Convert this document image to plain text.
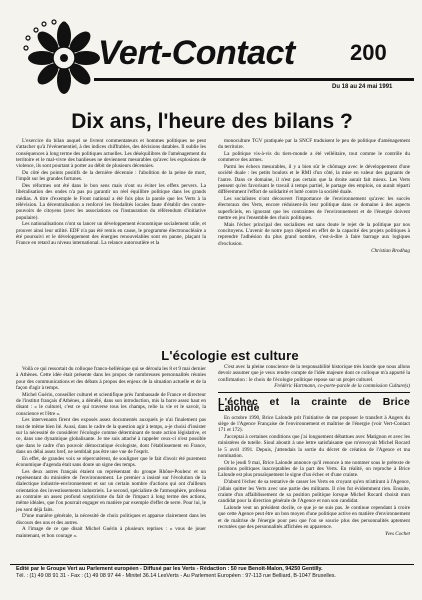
Vert-Contact	200
Du 18 au 24 mai 1991
Dix ans, l'heure des bilans ?

L'exercice du bilan auquel se livrent commentateurs et hommes politiques ne peut s'attacher qu'à l'événementiel, à des indices chiffrables, des décisions datables. Il oublie les conséquences à long terme des politiques actuelles. Les déséquilibres de l'aménagement du territoire et le mal-vivre des banlieues ne deviennent mesurables qu'avec les explosions de violence, ils sont pourtant à porter au débit de plusieurs décennies.

Du côté des points positifs de la dernière décennie : l'abolition de la peine de mort, l'impôt sur les grandes fortunes.

Des réformes ont été dans le bon sens mais n'ont su éviter les effets pervers. La libéralisation des ondes n'a pas pu garantir un réel équilibre politique dans les grands médias. A titre d'exemple le Front national a été fois plus la parole que les Verts à la télévision. La décentralisation a renforcé les féodalités locales faute d'établir des contre-pouvoirs de citoyens (avec les associations ou l'instauration du référendum d'initiative populaire).

Les nationalisations n'ont su lancer un développement économique socialement utile, et prouver ainsi leur utilité. EDF n'a pas été remis en cause, le programme électronucléaire a été poursuivi et le développement des énergies renouvelables sont en panne, plaçant la France en retard au niveau international. La relance autoroutière et la

monoculture TGV pratiquée par la SNCF traduisent le peu de politique d'aménagement du territoire.

La politique vis-à-vis du tiers-monde a été velléitaire, tout comme le contrôle du commerce des armes.

Parmi les échecs mesurables, il y a bien sûr le chômage avec le développement d'une société duale : les petits boulots et le RMI d'un côté, la mise en valeur des gagnants de l'autre. Dans ce domaine, il n'est pas certain que la droite aurait fait mieux. Les Verts pensent qu'en favorisant le travail à temps partiel, le partage des emplois, on aurait réparti différemment l'effort de solidarité et lutté contre la société duale.

Les socialistes n'ont découvert l'importance de l'environnement qu'avec les succès électoraux des Verts, encore réduisent-ils leur politique dans ce domaine à des aspects superficiels, en ignorant que les contraintes de l'environnement et de l'énergie doivent mettre en jeu l'ensemble des choix politiques.

Mais l'échec principal des socialistes est sans doute le rejet de la politique par nos concitoyens. L'avenir de notre pays dépend en effet de la capacité des projets politiques à reprendre l'adhésion du plus grand nombre, c'est-à-dire à faire barrage aux logiques d'exclusion.

Christian Brodhag

L'écologie est culture

Voilà ce qui ressortait du colloque franco-hellénique qui se déroula les 8 et 9 mai dernier à Athènes. Cette idée était présente dans les propos de nombreuses personnalités réunies pour des communications et des débats à propos des enjeux de la situation actuelle et de la façon d'agir à temps.

Michel Guérin, conseiller culturel et scientifique près l'ambassade de France et directeur de l'institut français d'Athènes, a démêlé, dans son introduction, mis la barre assez haut en disant : « le culturel, c'est ce qui traverse tous les champs, relie la vie et le savoir, la conscience et l'être ».

Les intervenants firent des exposés assez documentés auxquels je n'ai finalement pas tout de même bien lié. Aussi, dans le cadre de la question agir à temps, a-je choisi d'insister sur la nécessité de considérer l'écologie comme déterminant de toute action législative, et ce, dans une dynamique globalisante. Je me suis attaché à rappeler ceux-ci n'est possible que dans le cadre d'un pouvoir démocratique écologiste, dont l'établissement en France, dans un délai assez bref, ne semblait pas être une vue de l'esprit.

En effet, de grandes voix se répercutèrent, de souligner que le fait d'avoir été purement économique d'agenda était sans doute un signe des temps.

Les deux autres français étaient un représentant du groupe Rhône-Poulenc et un représentant du ministère de l'environnement. Le premier a insisté sur l'évolution de la dialectique industrie-environnement et sur un certain nombre d'actions qui ont d'ailleurs orientation des investissements industriels. Le second, spécialiste de l'atmosphère, professa au contraire un assez profond scepticisme du fait de l'impact à long terme des actions, même idéales, que l'on pourrait engager en matière par exemple d'effet de serre. Pour lui, le jeu sont déjà faits.

D'une manière générale, la nécessité de choix politiques et apparue clairement dans les discours des uns et des autres.

A l'image de ce que disait Michel Guérin à plusieurs reprises : « vous de jouer maintenant, et bon courage ».

C'est avec la pleine conscience de la responsabilité historique très lourde que nous allons devoir assumer que je veux rendre compte de l'idée majeure dont ce colloque m'a apporté la confirmation : le choix de l'écologie politique repose sur un projet culturel.

Frédéric Hartmann, co-porte-parole de la commission Culture(s)

L'échec et la crainte de Brice Lalonde

En octobre 1990, Brice Lalonde prit l'initiative de me proposer le transfert à Angers du siège de l'Agence Française de l'environnement et maîtrise de l'énergie (voir Vert-Contact 171 et 172).

J'acceptai à certaines conditions que j'ai longuement débattues avec Matignon et avec les ministères de tutelle. Sioul aboutit à une lettre satisfaisante que m'envoyait Michel Rocard le 5 avril 1991. Depuis, j'attendais la sortie du décret de création de l'Agence et ma nomination.

Or le jeudi 9 mai, Brice Lalonde annonce qu'il renonce à me nommer sous le prétexte de positions politiques inacceptables de la part des Verts. En réalité, on reproche à Brice Lalonde est plus prosaïquement le signe d'un échec et d'une crainte.

D'abord l'échec de sa tentative de casser les Verts en croyant qu'en m'attirant à l'Agence, j'allais quitter les Verts avec une partie des militants. Il n'en fut évidemment rien. Ensuite, crainte d'un affaiblissement de sa position politique lorsque Michel Rocard choisit mon candidat pour la direction générale de l'Agence et non son candidat.

Lalonde veut un président docile, ce que je ne suis pas. Je continue cependant à croire que cette Agence peut être un bon moyen d'une politique active en matière d'environnement et de maîtrise de l'énergie pour peu que l'on se soucie plus des personnalités aptement recrutées que des personnalités affichées en apparence.

Yves Cochet

Edité par le Groupe Vert au Parlement européen - Diffusé par les Verts - Rédaction : 50 rue Benoît-Malon, 94250 Gentilly.
Tél. : (1) 49 08 91 31 - Fax : (1) 49 08 97 44 - Minitel 36.14 LesVerts - Au Parlement Européen : 97-113 rue Belliard, B-1047 Bruxelles.
